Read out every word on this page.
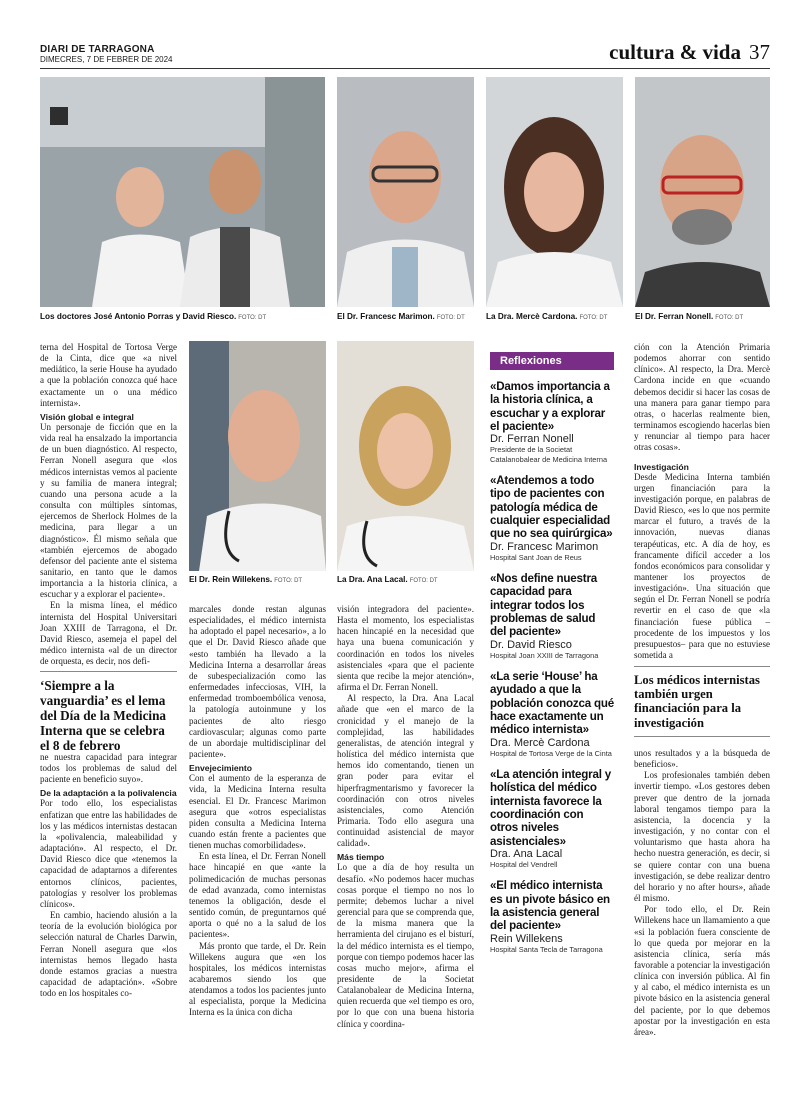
DIARI DE TARRAGONA
DIMECRES, 7 DE FEBRER DE 2024	cultura & vida 37
Los doctores José Antonio Porras y David Riesco. FOTO: DT	El Dr. Francesc Marimon. FOTO: DT	La Dra. Mercè Cardona. FOTO: DT	El Dr. Ferran Nonell. FOTO: DT
El Dr. Rein Willekens. FOTO: DT	La Dra. Ana Lacal. FOTO: DT

terna del Hospital de Tortosa Verge de la Cinta, dice que «a nivel mediático, la serie House ha ayudado a que la población conozca qué hace exactamente un o una médico internista».

Visión global e integral

Un personaje de ficción que en la vida real ha ensalzado la importancia de un buen diagnóstico. Al respecto, Ferran Nonell asegura que «los médicos internistas vemos al paciente y su familia de manera integral; cuando una persona acude a la consulta con múltiples síntomas, ejercemos de Sherlock Holmes de la medicina, para llegar a un diagnóstico». Él mismo señala que «también ejercemos de abogado defensor del paciente ante el sistema sanitario, en tanto que le damos importancia a la historia clínica, a escuchar y a explorar el paciente».

En la misma línea, el médico internista del Hospital Universitari Joan XXIII de Tarragona, el Dr. David Riesco, asemeja el papel del médico internista «al de un director de orquesta, es decir, nos defi-

‘Siempre a la vanguardia’ es el lema del Día de la Medicina Interna que se celebra el 8 de febrero

ne nuestra capacidad para integrar todos los problemas de salud del paciente en beneficio suyo».

De la adaptación a la polivalencia

Por todo ello, los especialistas enfatizan que entre las habilidades de los y las médicos internistas destacan la «polivalencia, maleabilidad y adaptación». Al respecto, el Dr. David Riesco dice que «tenemos la capacidad de adaptarnos a diferentes entornos clínicos, pacientes, patologías y resolver los problemas clínicos».

En cambio, haciendo alusión a la teoría de la evolución biológica por selección natural de Charles Darwin, Ferran Nonell asegura que «los internistas hemos llegado hasta donde estamos gracias a nuestra capacidad de adaptación». «Sobre todo en los hospitales co-

marcales donde restan algunas especialidades, el médico internista ha adoptado el papel necesario», a lo que el Dr. David Riesco añade que «esto también ha llevado a la Medicina Interna a desarrollar áreas de subespecialización como las enfermedades infecciosas, VIH, la enfermedad tromboembólica venosa, la patología autoinmune y los pacientes de alto riesgo cardiovascular; algunas como parte de un abordaje multidisciplinar del paciente».

Envejecimiento

Con el aumento de la esperanza de vida, la Medicina Interna resulta esencial. El Dr. Francesc Marimon asegura que «otros especialistas piden consulta a Medicina Interna cuando están frente a pacientes que tienen muchas comorbilidades».

En esta línea, el Dr. Ferran Nonell hace hincapié en que «ante la polimedicación de muchas personas de edad avanzada, como internistas tenemos la obligación, desde el sentido común, de preguntarnos qué aporta o qué no a la salud de los pacientes».

Más pronto que tarde, el Dr. Rein Willekens augura que «en los hospitales, los médicos internistas acabaremos siendo los que atendamos a todos los pacientes junto al especialista, porque la Medicina Interna es la única con dicha

visión integradora del paciente». Hasta el momento, los especialistas hacen hincapié en la necesidad que haya una buena comunicación y coordinación en todos los niveles asistenciales «para que el paciente sienta que recibe la mejor atención», afirma el Dr. Ferran Nonell.

Al respecto, la Dra. Ana Lacal añade que «en el marco de la cronicidad y el manejo de la complejidad, las habilidades generalistas, de atención integral y holística del médico internista que hemos ido comentando, tienen un gran poder para evitar el hiperfragmentarismo y favorecer la coordinación con otros niveles asistenciales, como Atención Primaria. Todo ello asegura una continuidad asistencial de mayor calidad».

Más tiempo

Lo que a día de hoy resulta un desafío. «No podemos hacer muchas cosas porque el tiempo no nos lo permite; debemos luchar a nivel gerencial para que se comprenda que, de la misma manera que la herramienta del cirujano es el bisturí, la del médico internista es el tiempo, porque con tiempo podemos hacer las cosas mucho mejor», afirma el presidente de la Societat Catalanobalear de Medicina Interna, quien recuerda que «el tiempo es oro, por lo que con una buena historia clínica y coordina-

Reflexiones
«Damos importancia a la historia clínica, a escuchar y a explorar el paciente»
Dr. Ferran Nonell
Presidente de la Societat Catalanobalear de Medicina Interna
«Atendemos a todo tipo de pacientes con patología médica de cualquier especialidad que no sea quirúrgica»
Dr. Francesc Marimon
Hospital Sant Joan de Reus
«Nos define nuestra capacidad para integrar todos los problemas de salud del paciente»
Dr. David Riesco
Hospital Joan XXIII de Tarragona
«La serie ‘House’ ha ayudado a que la población conozca qué hace exactamente un médico internista»
Dra. Mercè Cardona
Hospital de Tortosa Verge de la Cinta
«La atención integral y holística del médico internista favorece la coordinación con otros niveles asistenciales»
Dra. Ana Lacal
Hospital del Vendrell
«El médico internista es un pivote básico en la asistencia general del paciente»
Rein Willekens
Hospital Santa Tecla de Tarragona

ción con la Atención Primaria podemos ahorrar con sentido clínico». Al respecto, la Dra. Mercè Cardona incide en que «cuando debemos decidir si hacer las cosas de una manera para ganar tiempo para otras, o hacerlas realmente bien, terminamos escogiendo hacerlas bien y renunciar al tiempo para hacer otras cosas».

Investigación

Desde Medicina Interna también urgen financiación para la investigación porque, en palabras de David Riesco, «es lo que nos permite marcar el futuro, a través de la innovación, nuevas dianas terapéuticas, etc. A día de hoy, es francamente difícil acceder a los fondos económicos para consolidar y mantener los proyectos de investigación». Una situación que según el Dr. Ferran Nonell se podría revertir en el caso de que «la financiación fuese pública –procedente de los impuestos y los presupuestos– para que no estuviese sometida a

Los médicos internistas también urgen financiación para la investigación

unos resultados y a la búsqueda de beneficios».

Los profesionales también deben invertir tiempo. «Los gestores deben prever que dentro de la jornada laboral tengamos tiempo para la asistencia, la docencia y la investigación, y no contar con el voluntarismo que hasta ahora ha hecho nuestra generación, es decir, si se quiere contar con una buena investigación, se debe realizar dentro del horario y no after hours», añade él mismo.

Por todo ello, el Dr. Rein Willekens hace un llamamiento a que «si la población fuera consciente de lo que queda por mejorar en la asistencia clínica, sería más favorable a potenciar la investigación clínica con inversión pública. Al fin y al cabo, el médico internista es un pivote básico en la asistencia general del paciente, por lo que debemos apostar por la investigación en esta área».
